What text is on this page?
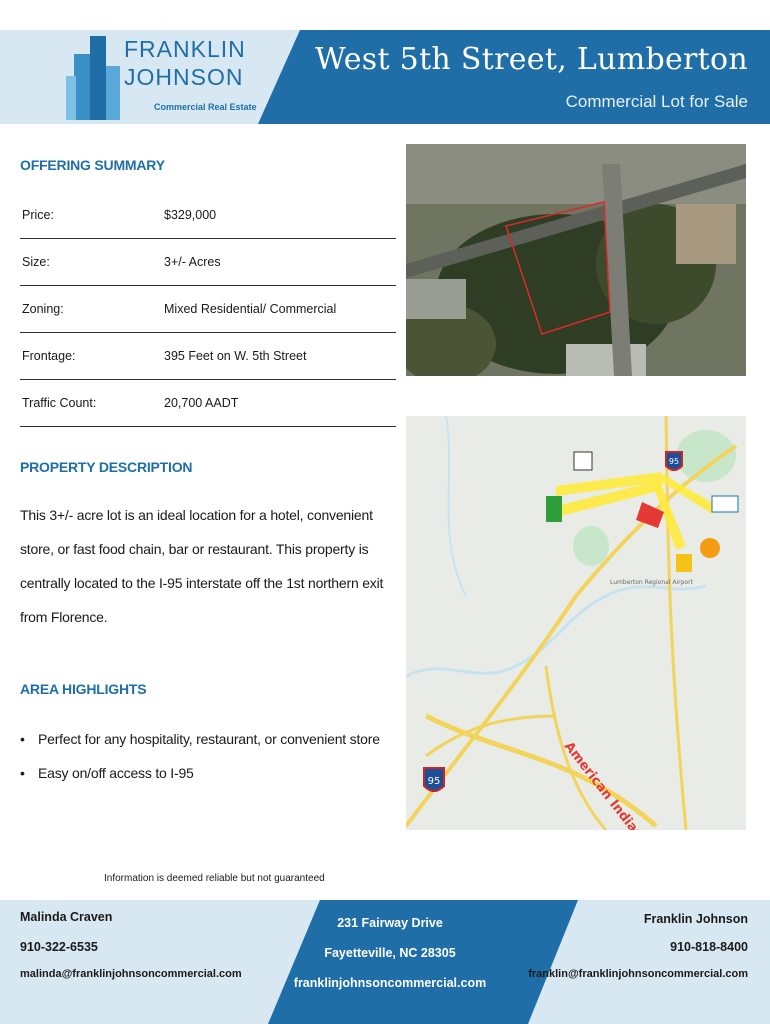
FRANKLIN
JOHNSON
Commercial Real Estate
West 5th Street, Lumberton
Commercial Lot for Sale
OFFERING SUMMARY
Price:	$329,000
Size:	3+/- Acres
Zoning:	Mixed Residential/ Commercial
Frontage:	395 Feet on W. 5th Street
Traffic Count:	20,700 AADT
95
95
Lumberton Regional Airport
PROPERTY DESCRIPTION
This 3+/- acre lot is an ideal location for a hotel, convenient store, or fast food chain, bar or restaurant. This property is centrally located to the I-95 interstate off the 1st northern exit from Florence.
AREA HIGHLIGHTS
• Perfect for any hospitality, restaurant, or convenient store
• Easy on/off access to I-95
Information is deemed reliable but not guaranteed
Malinda Craven
910-322-6535
malinda@franklinjohnsoncommercial.com
231 Fairway Drive
Fayetteville, NC 28305
franklinjohnsoncommercial.com
Franklin Johnson
910-818-8400
franklin@franklinjohnsoncommercial.com
